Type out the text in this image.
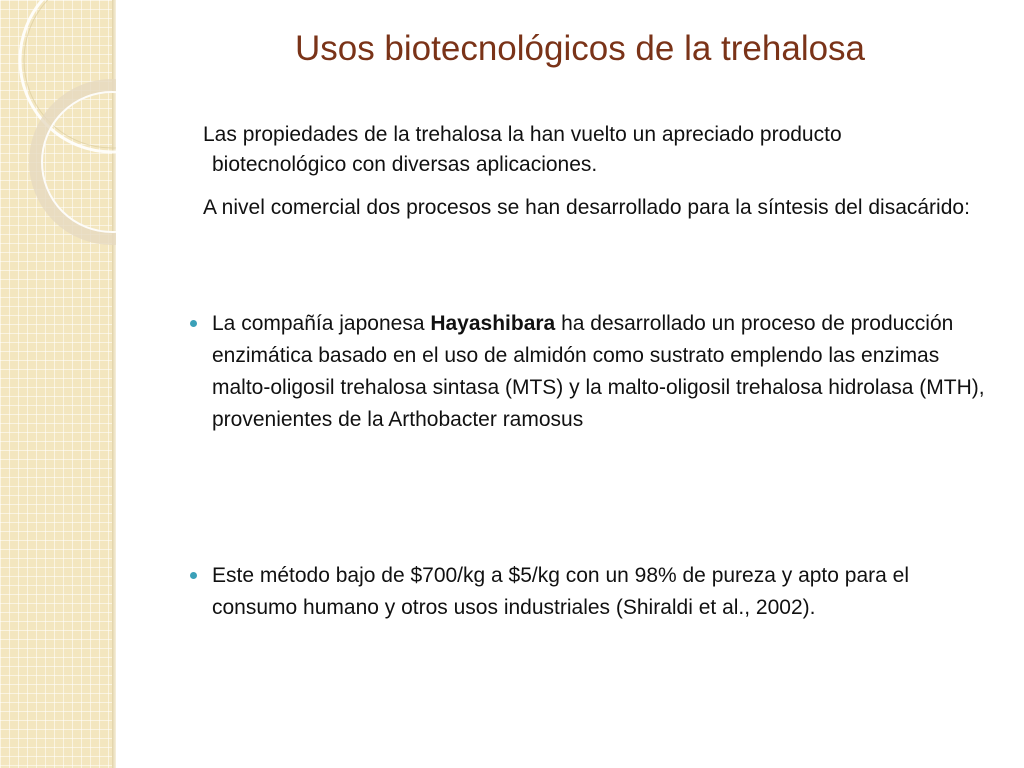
Usos biotecnológicos de la trehalosa

Las propiedades de la trehalosa la han vuelto un apreciado producto biotecnológico con diversas aplicaciones.

A nivel comercial dos procesos se han desarrollado para la síntesis del disacárido:

La compañía japonesa Hayashibara ha desarrollado un proceso de producción enzimática basado en el uso de almidón como sustrato emplendo las enzimas malto-oligosil trehalosa sintasa (MTS) y la malto-oligosil trehalosa hidrolasa (MTH), provenientes de la Arthobacter ramosus
Este método bajo de $700/kg a $5/kg con un 98% de pureza y apto para el consumo humano y otros usos industriales (Shiraldi et al., 2002).
